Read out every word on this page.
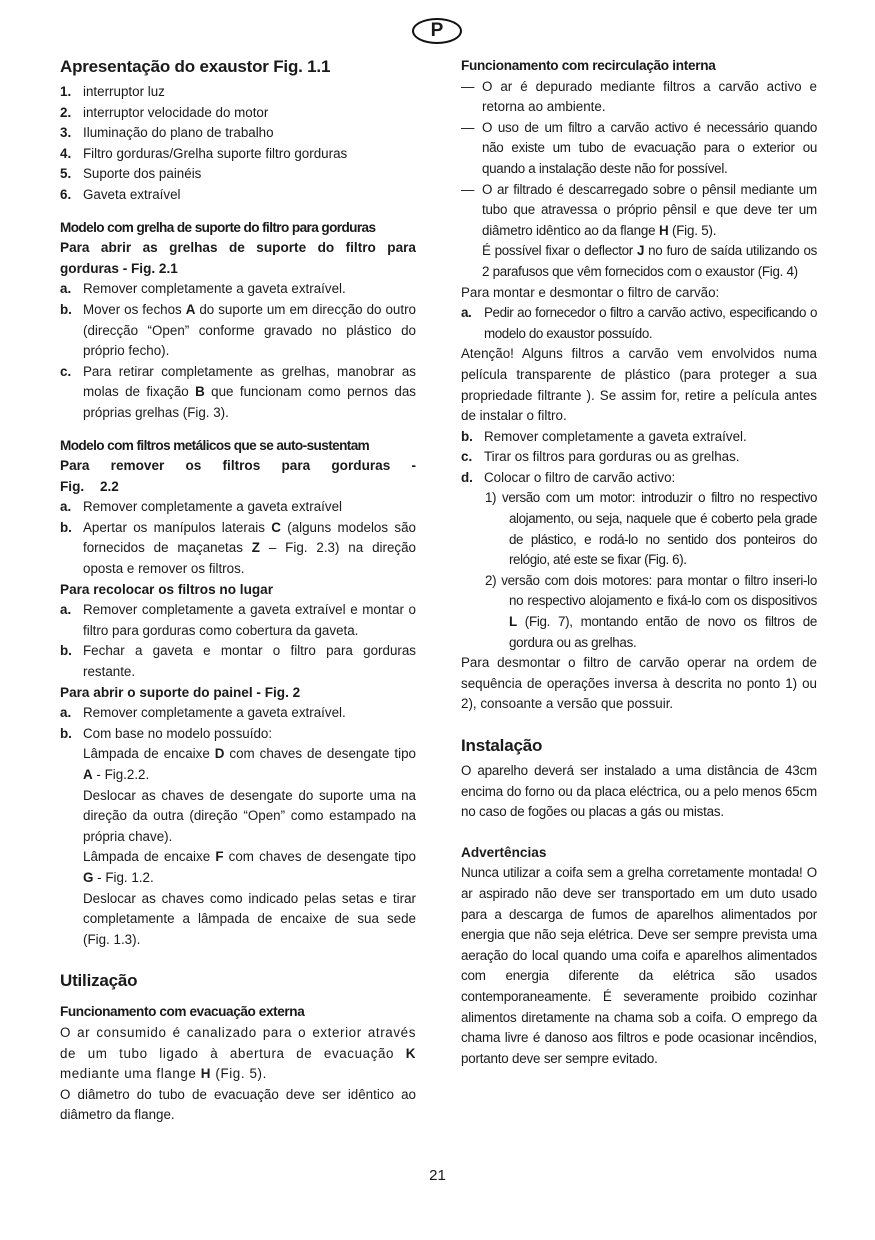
P
Apresentação do exaustor Fig. 1.1

1. interruptor luz

2. interruptor velocidade do motor

3. Iluminação do plano de trabalho

4. Filtro gorduras/Grelha suporte filtro gorduras

5. Suporte dos painéis

6. Gaveta extraível

Modelo com grelha de suporte do filtro para gorduras

Para abrir as grelhas de suporte do filtro para gorduras - Fig. 2.1

a. Remover completamente a gaveta extraível.

b. Mover os fechos A do suporte um em direcção do outro (direcção “Open” conforme gravado no plástico do próprio fecho).

c. Para retirar completamente as grelhas, manobrar as molas de fixação B que funcionam como pernos das próprias grelhas (Fig. 3).

Modelo com filtros metálicos que se auto-sustentam

Para remover os filtros para gorduras - Fig. 2.2

a. Remover completamente a gaveta extraível

b. Apertar os manípulos laterais C (alguns modelos são fornecidos de maçanetas Z – Fig. 2.3) na direção oposta e remover os filtros.

Para recolocar os filtros no lugar

a. Remover completamente a gaveta extraível e montar o filtro para gorduras como cobertura da gaveta.

b. Fechar a gaveta e montar o filtro para gorduras restante.

Para abrir o suporte do painel - Fig. 2

a. Remover completamente a gaveta extraível.

b. Com base no modelo possuído:

Lâmpada de encaixe D com chaves de desengate tipo A - Fig.2.2.

Deslocar as chaves de desengate do suporte uma na direção da outra (direção “Open” como estampado na própria chave).

Lâmpada de encaixe F com chaves de desengate tipo G - Fig. 1.2.

Deslocar as chaves como indicado pelas setas e tirar completamente a lâmpada de encaixe de sua sede (Fig. 1.3).

Utilização

Funcionamento com evacuação externa

O ar consumido é canalizado para o exterior através de um tubo ligado à abertura de evacuação K mediante uma flange H (Fig. 5).

O diâmetro do tubo de evacuação deve ser idêntico ao diâmetro da flange.

Funcionamento com recirculação interna

— O ar é depurado mediante filtros a carvão activo e retorna ao ambiente.

— O uso de um filtro a carvão activo é necessário quando não existe um tubo de evacuação para o exterior ou quando a instalação deste não for possível.

— O ar filtrado é descarregado sobre o pênsil mediante um tubo que atravessa o próprio pênsil e que deve ter um diâmetro idêntico ao da flange H (Fig. 5).

É possível fixar o deflector J no furo de saída utilizando os 2 parafusos que vêm fornecidos com o exaustor (Fig. 4)

Para montar e desmontar o filtro de carvão:

a. Pedir ao fornecedor o filtro a carvão activo, especificando o modelo do exaustor possuído.

Atenção! Alguns filtros a carvão vem envolvidos numa película transparente de plástico (para proteger a sua propriedade filtrante ). Se assim for, retire a película antes de instalar o filtro.

b. Remover completamente a gaveta extraível.

c. Tirar os filtros para gorduras ou as grelhas.

d. Colocar o filtro de carvão activo:

1) versão com um motor: introduzir o filtro no respectivo alojamento, ou seja, naquele que é coberto pela grade de plástico, e rodá-lo no sentido dos ponteiros do relógio, até este se fixar (Fig. 6).

2) versão com dois motores: para montar o filtro inseri-lo no respectivo alojamento e fixá-lo com os dispositivos L (Fig. 7), montando então de novo os filtros de gordura ou as grelhas.

Para desmontar o filtro de carvão operar na ordem de sequência de operações inversa à descrita no ponto 1) ou 2), consoante a versão que possuir.

Instalação

O aparelho deverá ser instalado a uma distância de 43cm encima do forno ou da placa eléctrica, ou a pelo menos 65cm no caso de fogões ou placas a gás ou mistas.

Advertências

Nunca utilizar a coifa sem a grelha corretamente montada! O ar aspirado não deve ser transportado em um duto usado para a descarga de fumos de aparelhos alimentados por energia que não seja elétrica. Deve ser sempre prevista uma aeração do local quando uma coifa e aparelhos alimentados com energia diferente da elétrica são usados contemporaneamente. É severamente proibido cozinhar alimentos diretamente na chama sob a coifa. O emprego da chama livre é danoso aos filtros e pode ocasionar incêndios, portanto deve ser sempre evitado.

21
